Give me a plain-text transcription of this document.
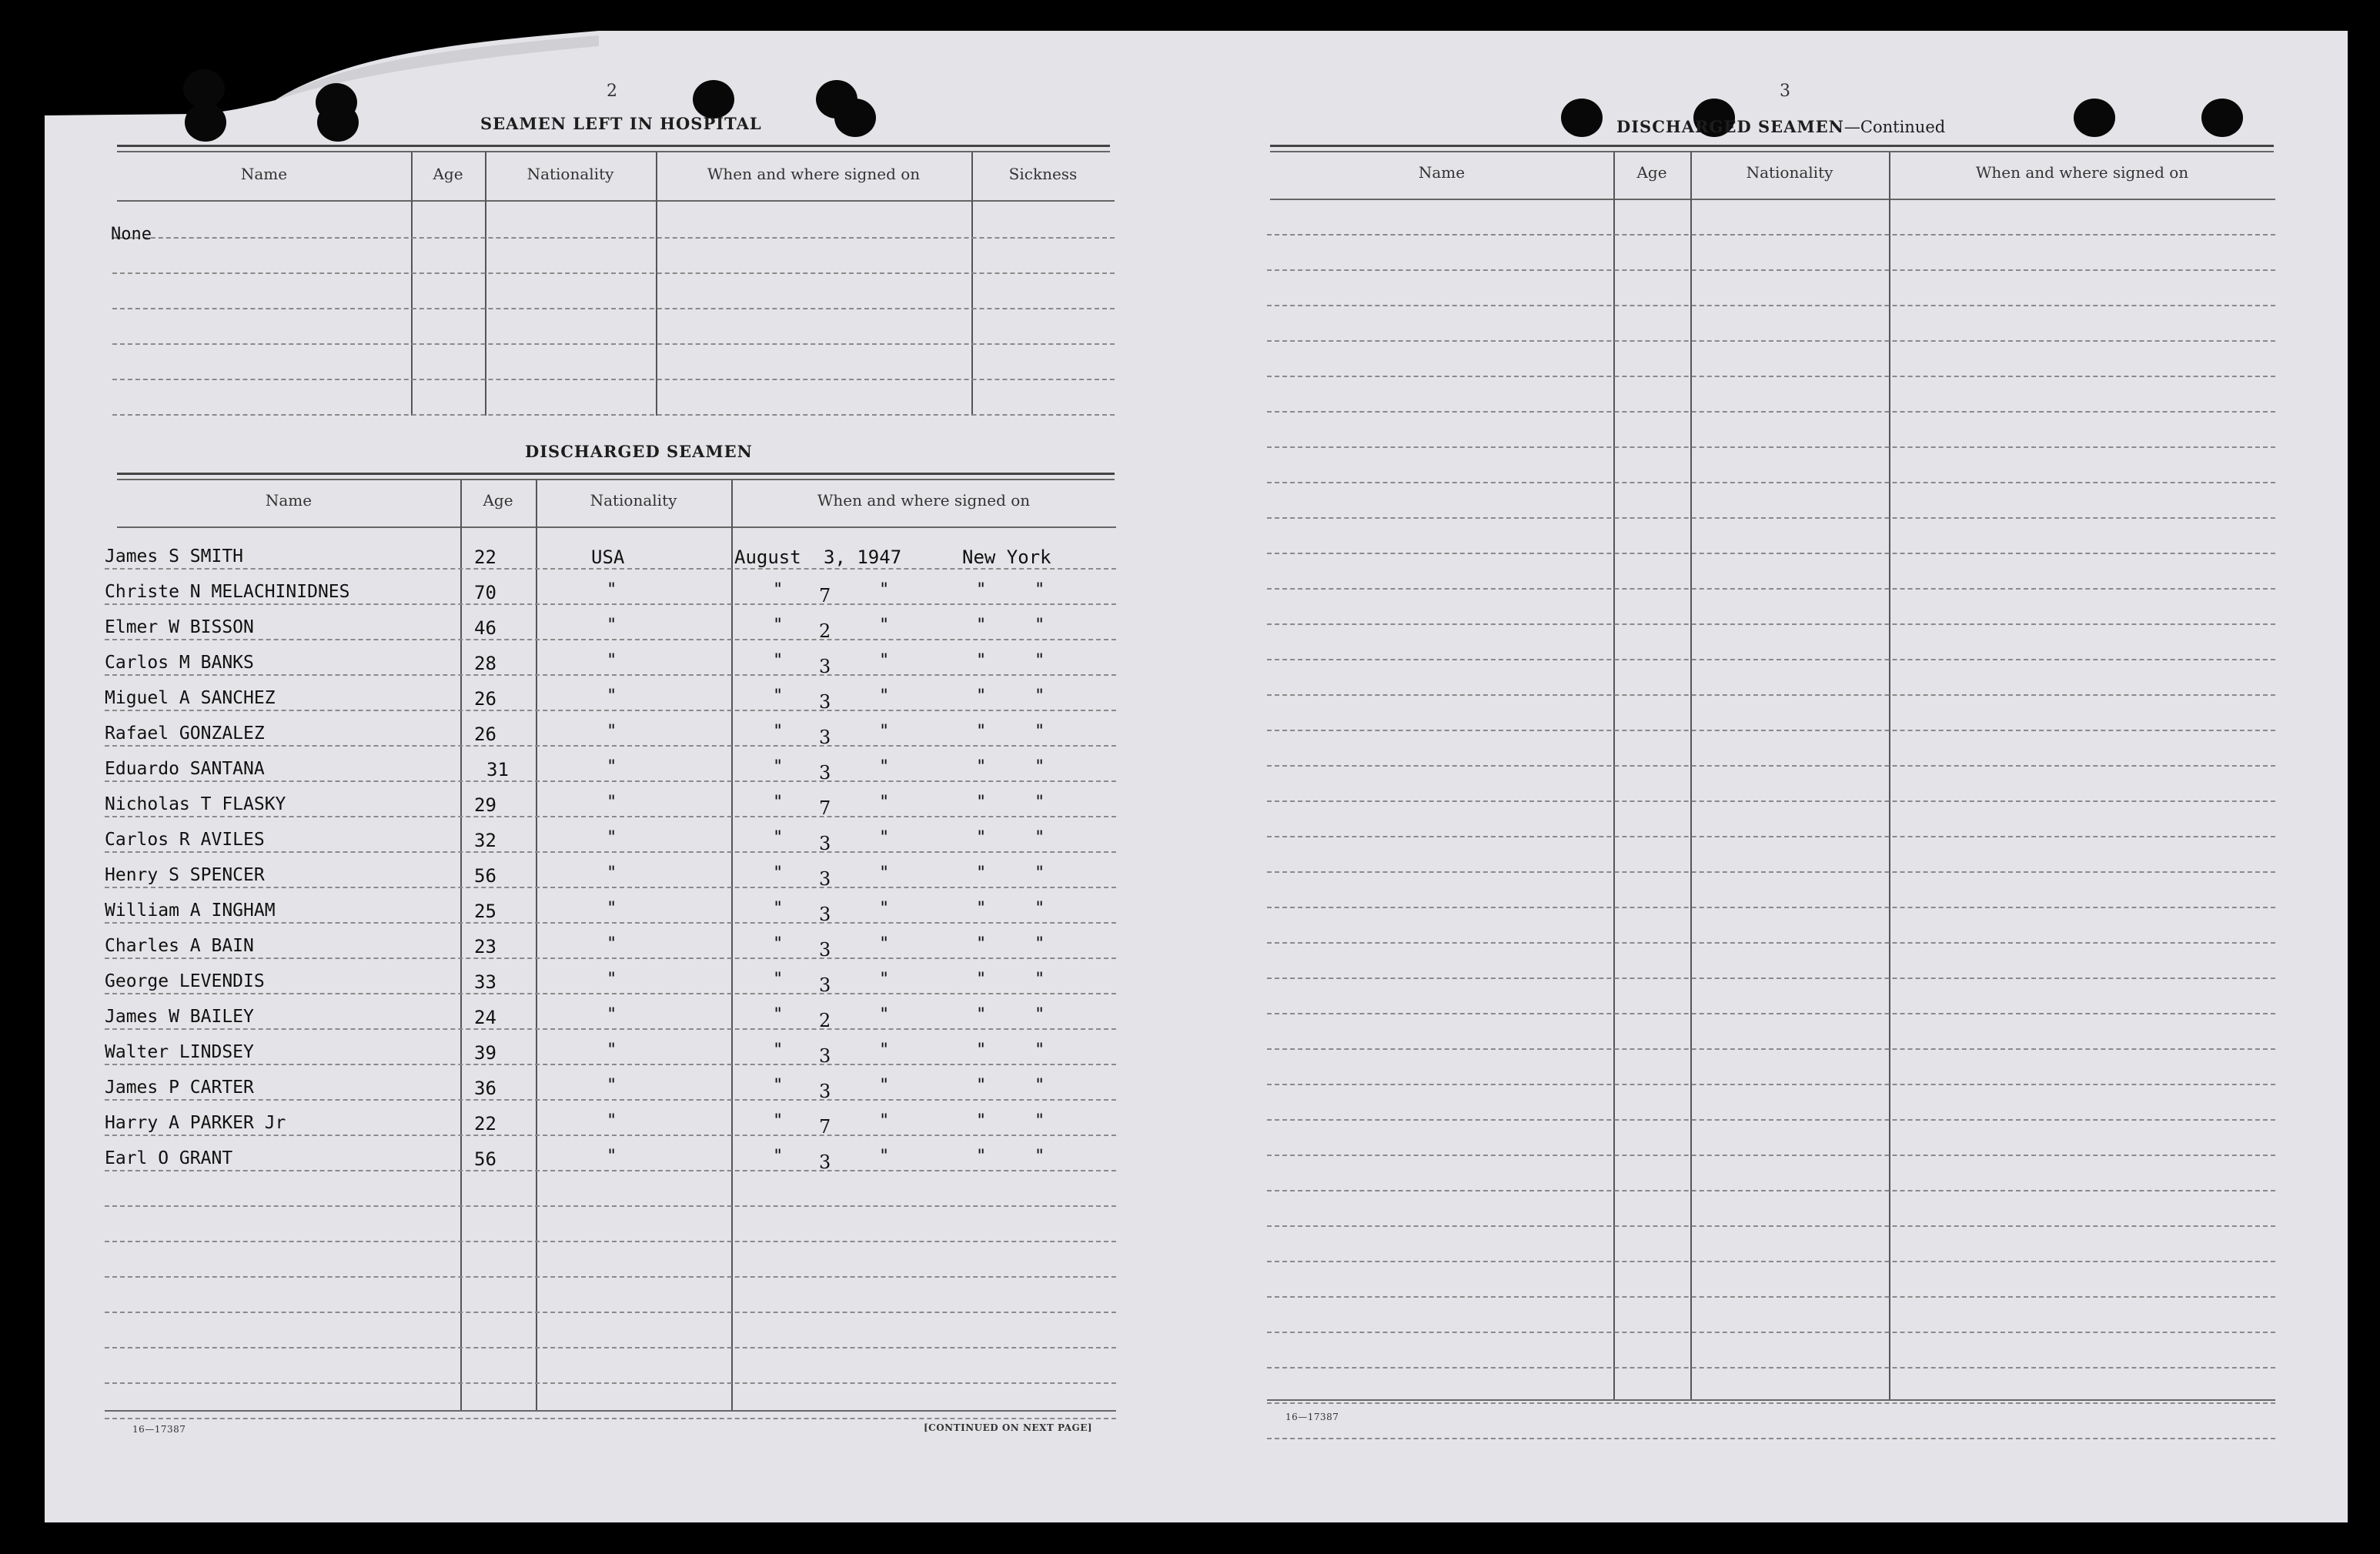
2	3
SEAMEN LEFT IN HOSPITAL
Name	Age	Nationality	When and where signed on	Sickness
None
DISCHARGED SEAMEN
Name	Age	Nationality	When and where signed on
James S SMITH	22	USA	August 3, 1947	New York
Christe N MELACHINIDNES	70	"	" 7	"	"	"
Elmer W BISSON	46	"	" 2	"	"	"
Carlos M BANKS	28	"	" 3	"	"	"
Miguel A SANCHEZ	26	"	" 3	"	"	"
Rafael GONZALEZ	26	"	" 3	"	"	"
Eduardo SANTANA	31	"	" 3	"	"	"
Nicholas T FLASKY	29	"	" 7	"	"	"
Carlos R AVILES	32	"	" 3	"	"	"
Henry S SPENCER	56	"	" 3	"	"	"
William A INGHAM	25	"	" 3	"	"	"
Charles A BAIN	23	"	" 3	"	"	"
George LEVENDIS	33	"	" 3	"	"	"
James W BAILEY	24	"	" 2	"	"	"
Walter LINDSEY	39	"	" 3	"	"	"
James P CARTER	36	"	" 3	"	"	"
Harry A PARKER Jr	22	"	" 7	"	"	"
Earl O GRANT	56	"	" 3	"	"	"
16—17387	[CONTINUED ON NEXT PAGE]
DISCHARGED SEAMEN—Continued
Name	Age	Nationality	When and where signed on
16—17387
